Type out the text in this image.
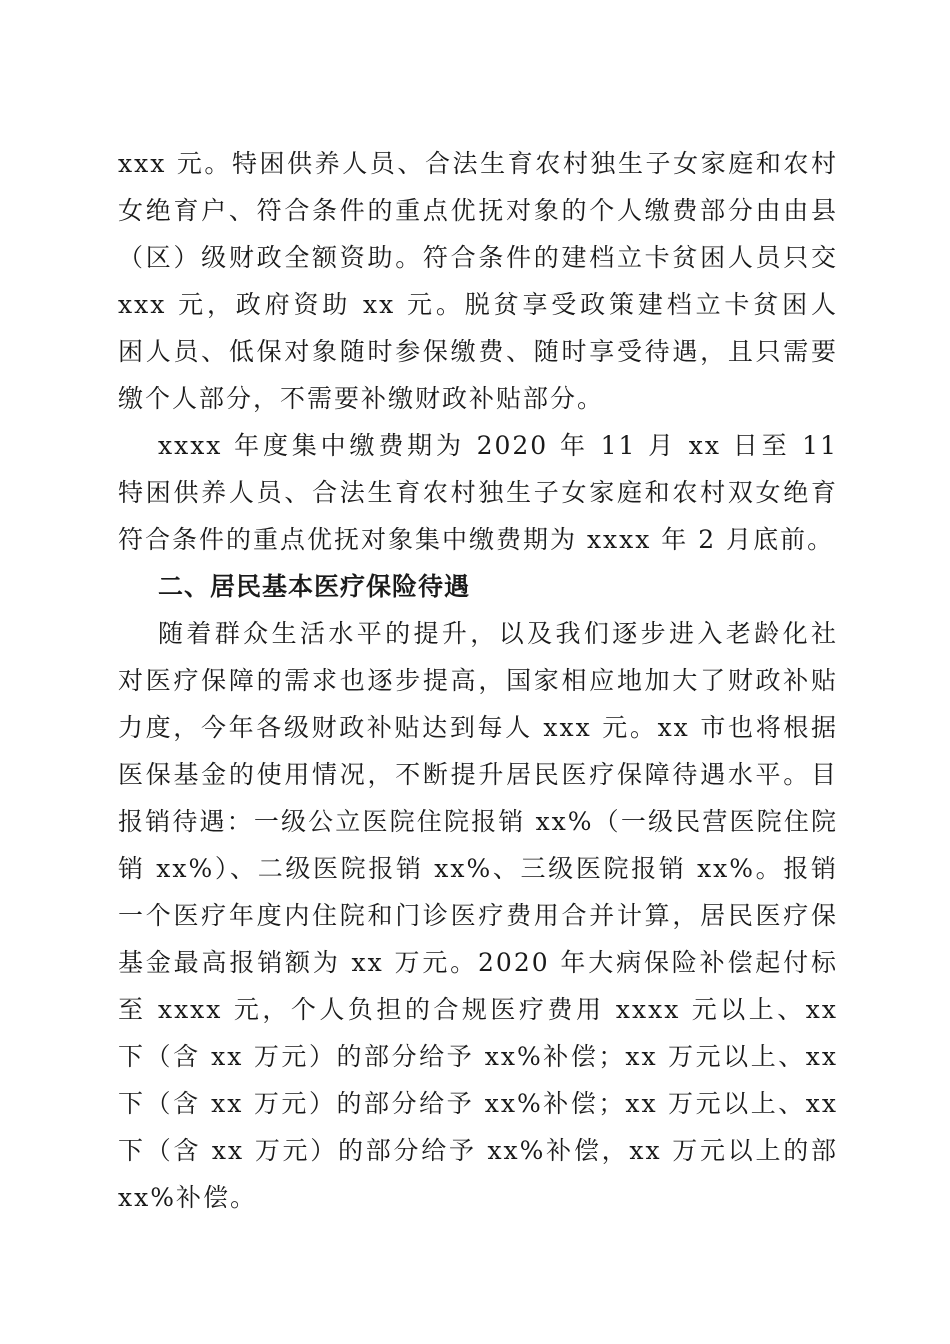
xxx 元。特困供养人员、合法生育农村独生子女家庭和农村
女绝育户、符合条件的重点优抚对象的个人缴费部分由由县
（区）级财政全额资助。符合条件的建档立卡贫困人员只交
xxx 元，政府资助 xx 元。脱贫享受政策建档立卡贫困人
困人员、低保对象随时参保缴费、随时享受待遇，且只需要
缴个人部分，不需要补缴财政补贴部分。
xxxx 年度集中缴费期为 2020 年 11 月 xx 日至 11
特困供养人员、合法生育农村独生子女家庭和农村双女绝育
符合条件的重点优抚对象集中缴费期为 xxxx 年 2 月底前。
二、居民基本医疗保险待遇
随着群众生活水平的提升，以及我们逐步进入老龄化社
对医疗保障的需求也逐步提高，国家相应地加大了财政补贴
力度，今年各级财政补贴达到每人 xxx 元。xx 市也将根据
医保基金的使用情况，不断提升居民医疗保障待遇水平。目
报销待遇：一级公立医院住院报销 xx%（一级民营医院住院
销 xx%）、二级医院报销 xx%、三级医院报销 xx%。报销
一个医疗年度内住院和门诊医疗费用合并计算，居民医疗保
基金最高报销额为 xx 万元。2020 年大病保险补偿起付标
至 xxxx 元，个人负担的合规医疗费用 xxxx 元以上、xx
下（含 xx 万元）的部分给予 xx%补偿；xx 万元以上、xx
下（含 xx 万元）的部分给予 xx%补偿；xx 万元以上、xx
下（含 xx 万元）的部分给予 xx%补偿，xx 万元以上的部
xx%补偿。
